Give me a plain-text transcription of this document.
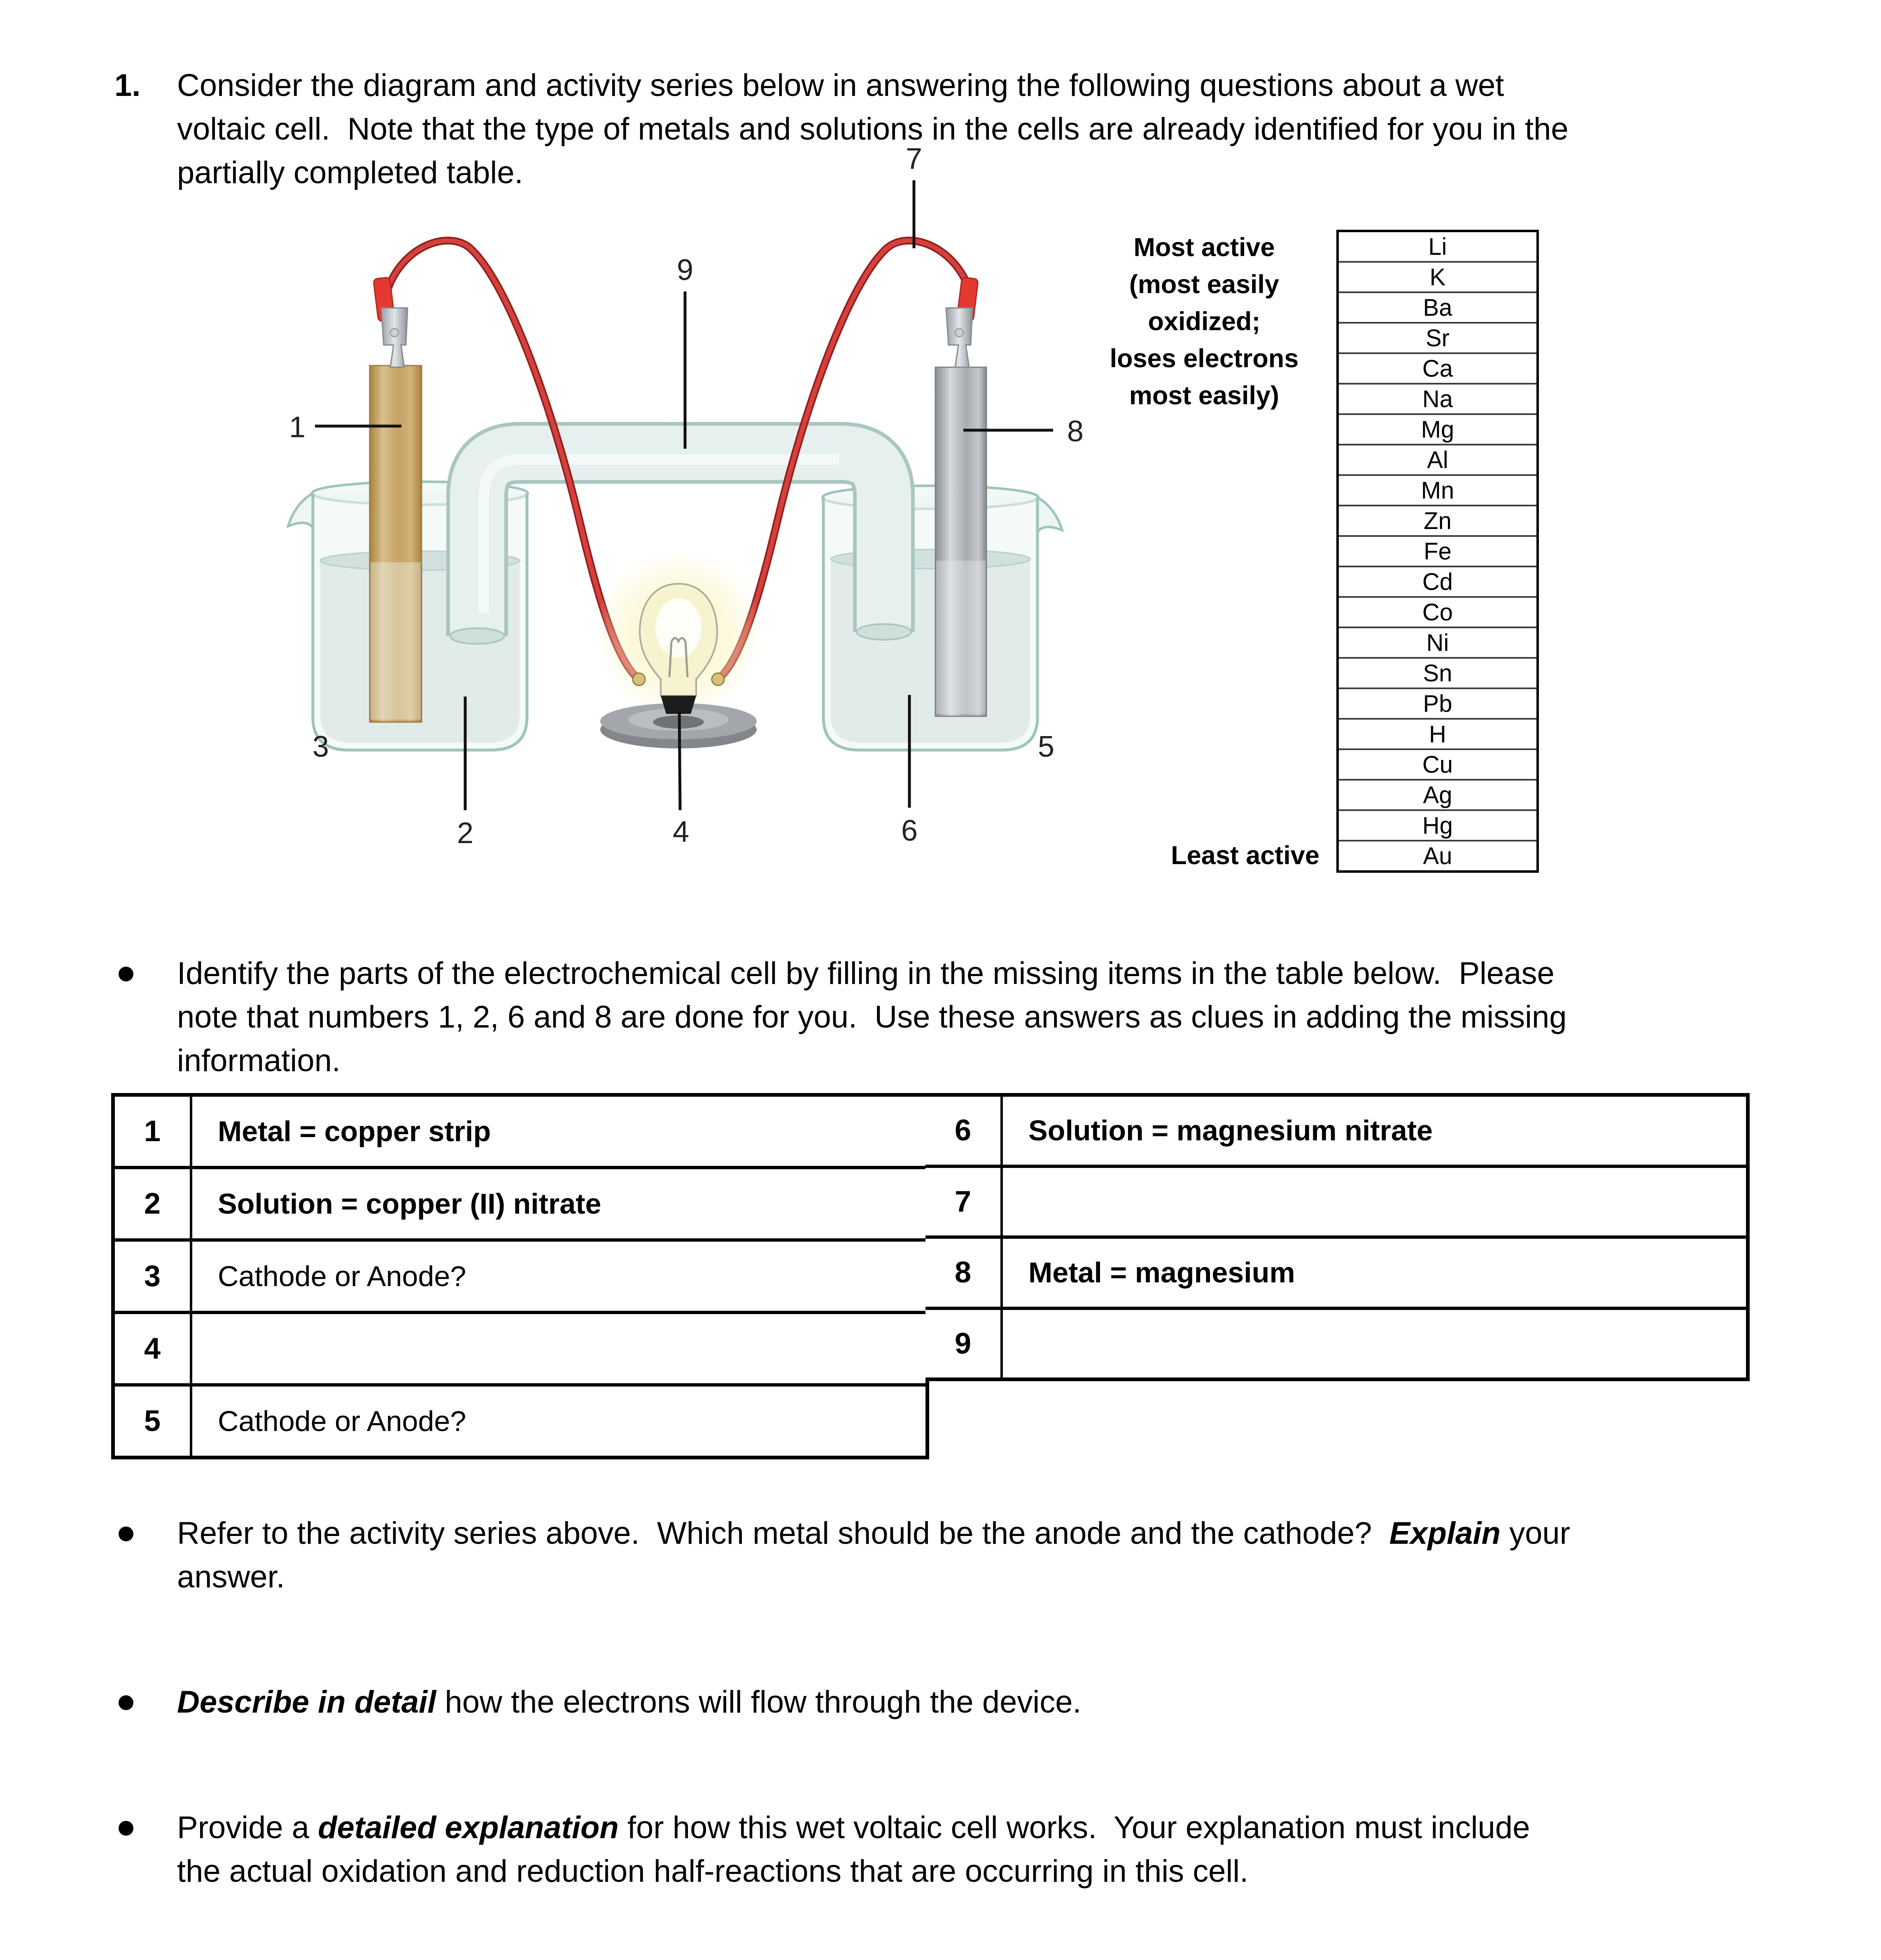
1. Consider the diagram and activity series below in answering the following questions about a wet
voltaic cell.  Note that the type of metals and solutions in the cells are already identified for you in the
partially completed table.
1
2
3
4
5
6
7
8
9
Most active
(most easily
oxidized;
loses electrons
most easily)
Least active
Li
K
Ba
Sr
Ca
Na
Mg
Al
Mn
Zn
Fe
Cd
Co
Ni
Sn
Pb
H
Cu
Ag
Hg
Au
Identify the parts of the electrochemical cell by filling in the missing items in the table below.  Please
note that numbers 1, 2, 6 and 8 are done for you.  Use these answers as clues in adding the missing
information.
1	Metal = copper strip
2	Solution = copper (II) nitrate
3	Cathode or Anode?
4
5	Cathode or Anode?
6	Solution = magnesium nitrate
7
8	Metal = magnesium
9
Refer to the activity series above.  Which metal should be the anode and the cathode?  Explain your
answer.
Describe in detail how the electrons will flow through the device.
Provide a detailed explanation for how this wet voltaic cell works.  Your explanation must include
the actual oxidation and reduction half-reactions that are occurring in this cell.
